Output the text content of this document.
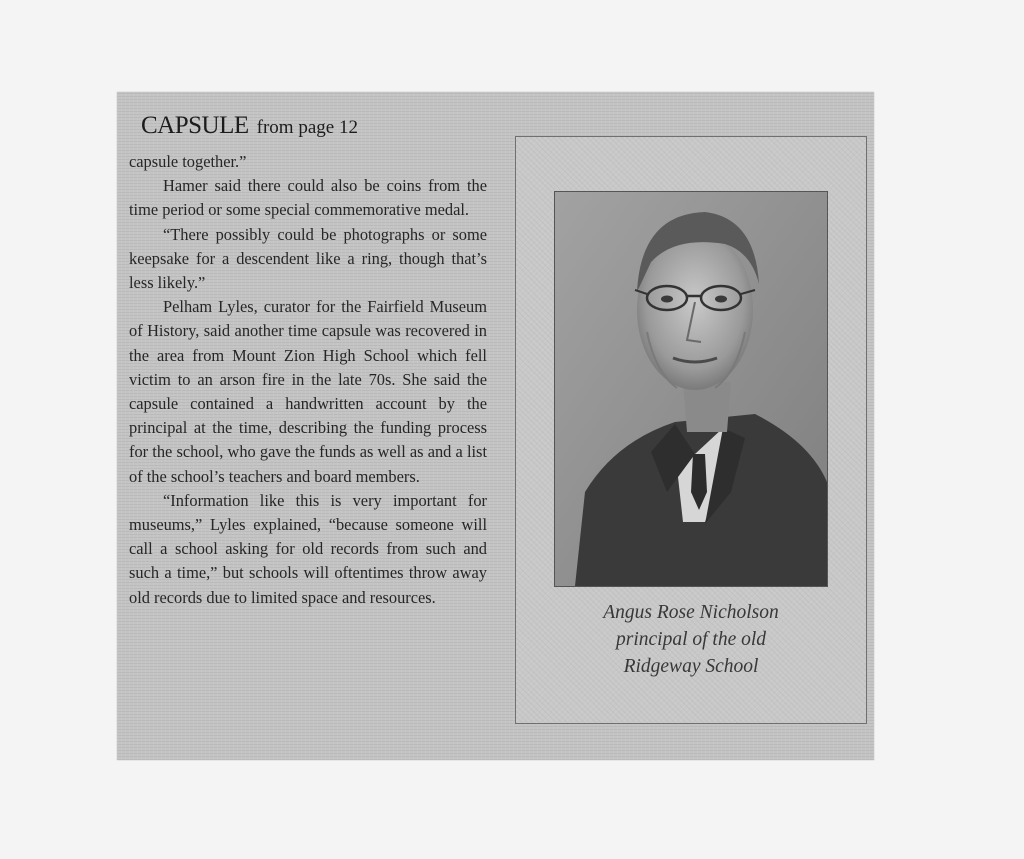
CAPSULE from page 12

capsule together.”

Hamer said there could also be coins from the time period or some special commemorative medal.

“There possibly could be photographs or some keepsake for a descendent like a ring, though that’s less likely.”

Pelham Lyles, curator for the Fairfield Museum of History, said another time capsule was recovered in the area from Mount Zion High School which fell victim to an arson fire in the late 70s. She said the capsule contained a handwritten account by the principal at the time, describing the funding process for the school, who gave the funds as well as and a list of the school’s teachers and board members.

“Information like this is very important for museums,” Lyles explained, “because someone will call a school asking for old records from such and such a time,” but schools will oftentimes throw away old records due to limited space and resources.

Angus Rose Nicholson
principal of the old
Ridgeway School
